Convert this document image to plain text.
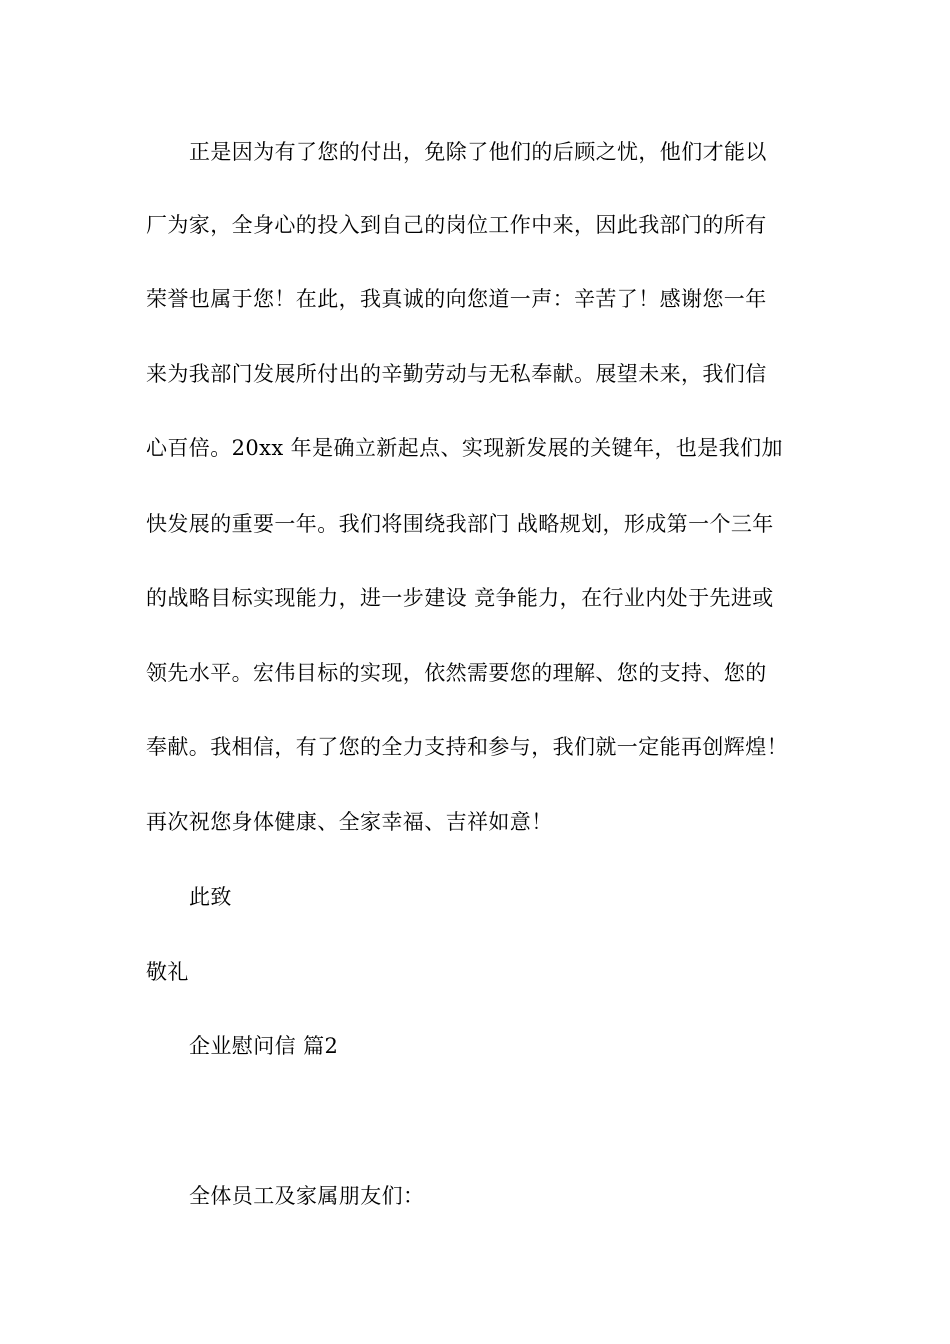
正是因为有了您的付出，免除了他们的后顾之忧，他们才能以
厂为家，全身心的投入到自己的岗位工作中来，因此我部门的所有
荣誉也属于您！在此，我真诚的向您道一声：辛苦了！感谢您一年
来为我部门发展所付出的辛勤劳动与无私奉献。展望未来，我们信
心百倍。20xx 年是确立新起点、实现新发展的关键年，也是我们加
快发展的重要一年。我们将围绕我部门 战略规划，形成第一个三年
的战略目标实现能力，进一步建设 竞争能力，在行业内处于先进或
领先水平。宏伟目标的实现，依然需要您的理解、您的支持、您的
奉献。我相信，有了您的全力支持和参与，我们就一定能再创辉煌！
再次祝您身体健康、全家幸福、吉祥如意！
此致
敬礼
企业慰问信 篇2
全体员工及家属朋友们：
